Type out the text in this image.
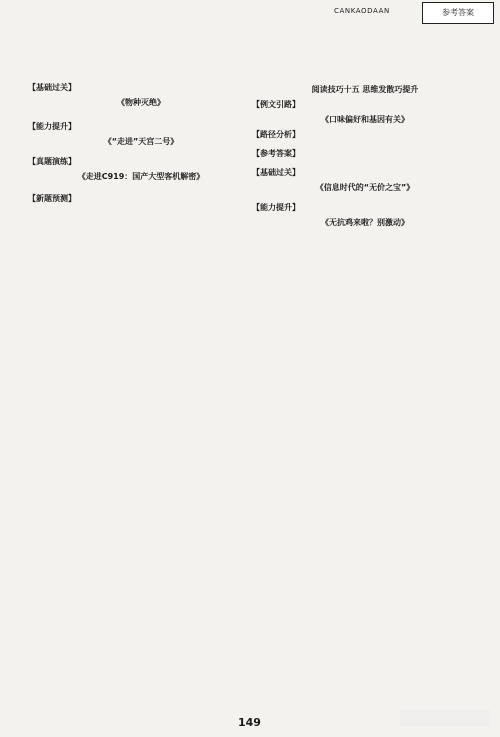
CANKAODAAN	参考答案
【基础过关】
《物种灭绝》
【能力提升】
《“走进”天宫二号》
【真题演练】
《走进C919：国产大型客机解密》
【新题预测】
阅读技巧十五 思维发散巧提升
【例文引路】
《口味偏好和基因有关》
【路径分析】
【参考答案】
【基础过关】
《信息时代的“无价之宝”》
【能力提升】
《无抗鸡来啦？别激动》
149
